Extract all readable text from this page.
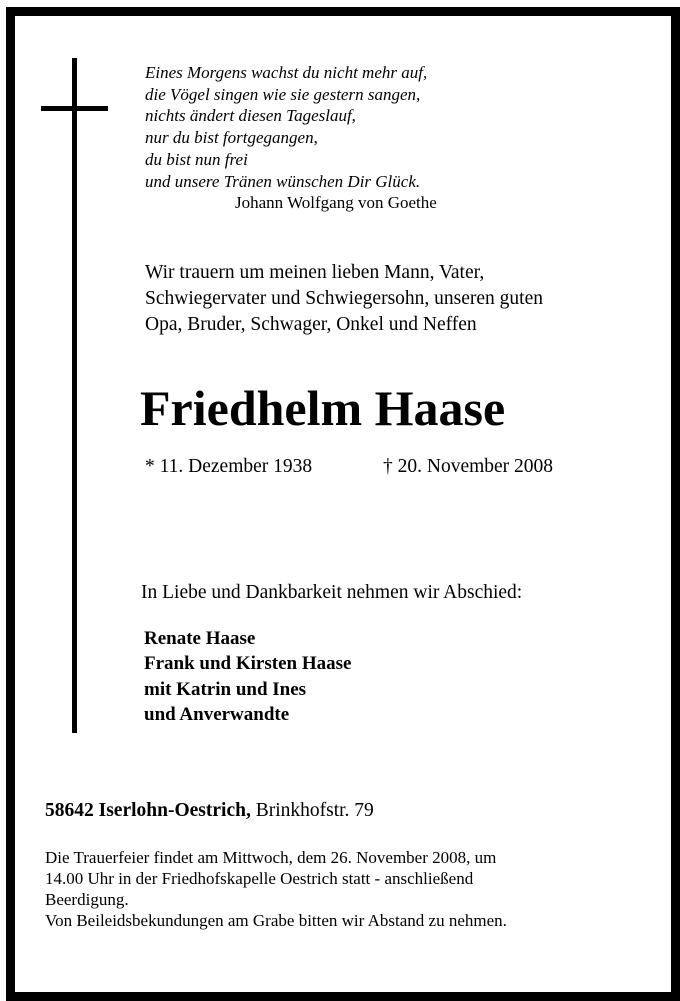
Eines Morgens wachst du nicht mehr auf,
die Vögel singen wie sie gestern sangen,
nichts ändert diesen Tageslauf,
nur du bist fortgegangen,
du bist nun frei
und unsere Tränen wünschen Dir Glück.
Johann Wolfgang von Goethe
Wir trauern um meinen lieben Mann, Vater,
Schwiegervater und Schwiegersohn, unseren guten
Opa, Bruder, Schwager, Onkel und Neffen
Friedhelm Haase
* 11. Dezember 1938	† 20. November 2008
In Liebe und Dankbarkeit nehmen wir Abschied:
Renate Haase
Frank und Kirsten Haase
mit Katrin und Ines
und Anverwandte
58642 Iserlohn-Oestrich, Brinkhofstr. 79
Die Trauerfeier findet am Mittwoch, dem 26. November 2008, um
14.00 Uhr in der Friedhofskapelle Oestrich statt - anschließend
Beerdigung.
Von Beileidsbekundungen am Grabe bitten wir Abstand zu nehmen.
